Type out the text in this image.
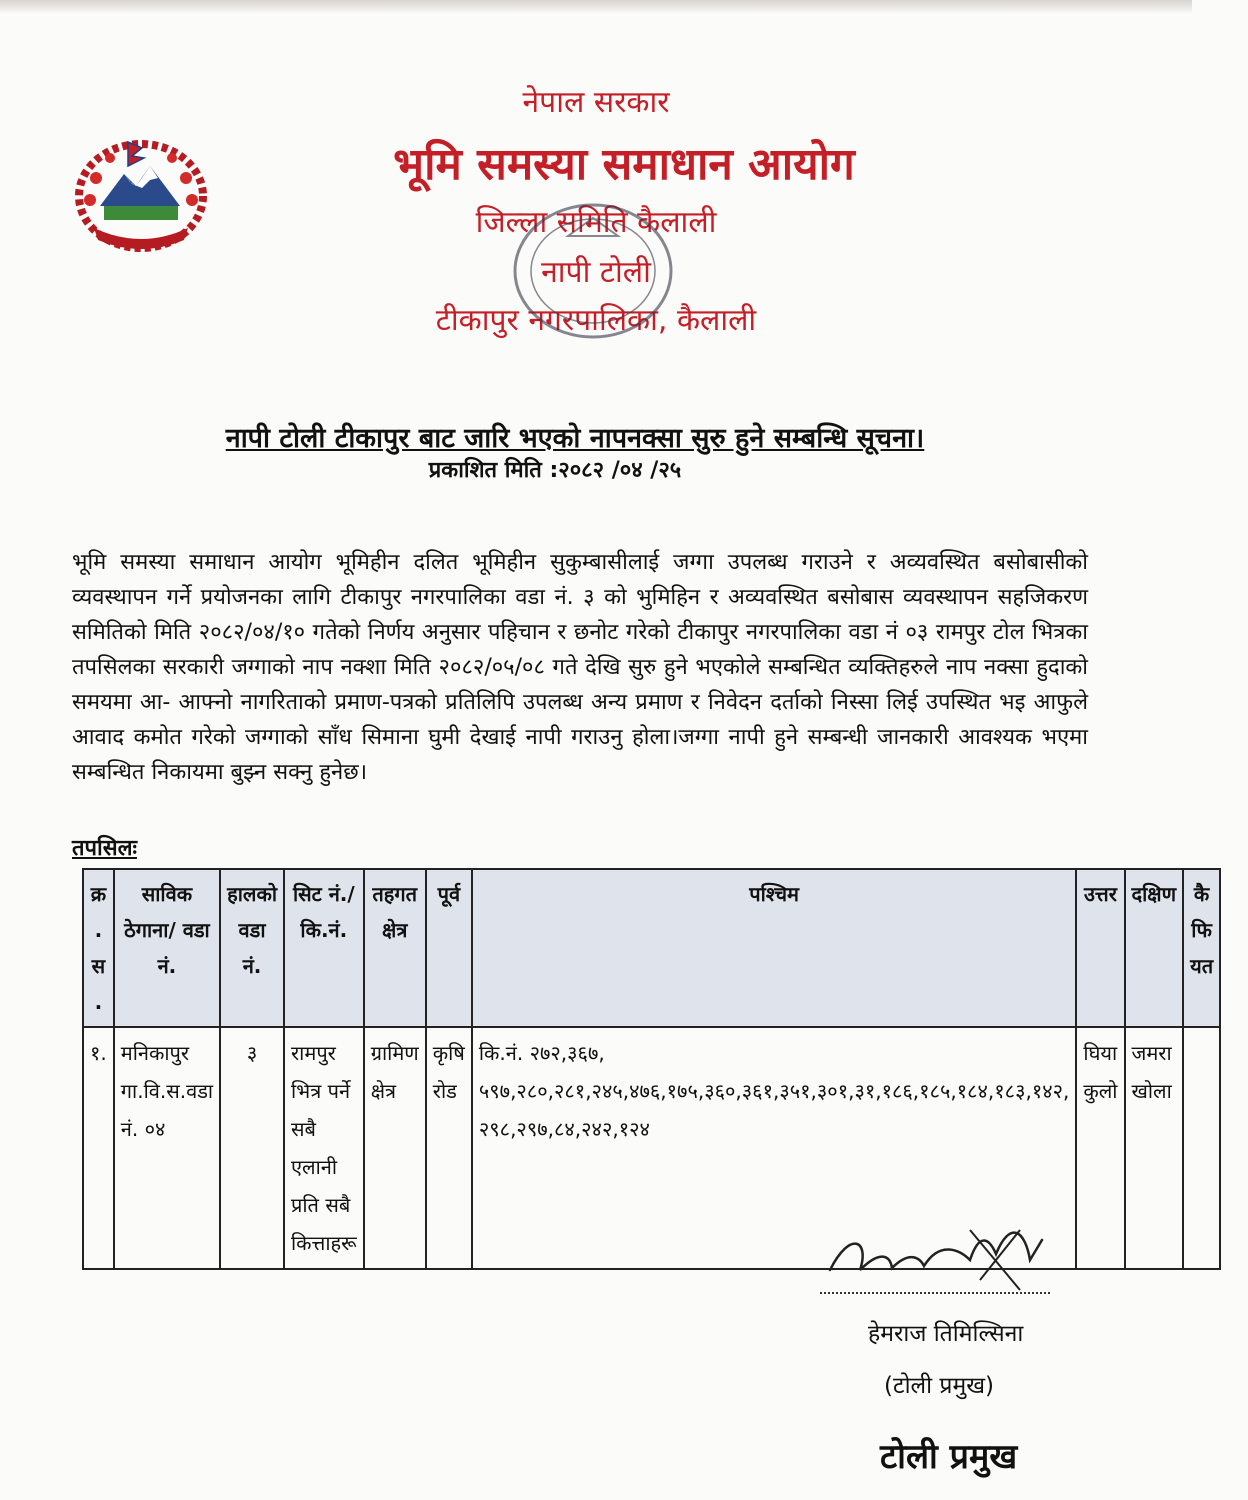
नेपाल सरकार
भूमि समस्या समाधान आयोग
जिल्ला समिति कैलाली
नापी टोली
टीकापुर नगरपालिका, कैलाली
नापी टोली टीकापुर बाट जारि भएको नापनक्सा सुरु हुने सम्बन्धि सूचना।
प्रकाशित मिति :२०८२ /०४ /२५

भूमि समस्या समाधान आयोग भूमिहीन दलित भूमिहीन सुकुम्बासीलाई जग्गा उपलब्ध गराउने र अव्यवस्थित बसोबासीको व्यवस्थापन गर्ने प्रयोजनका लागि टीकापुर नगरपालिका वडा नं. ३ को भुमिहिन र अव्यवस्थित बसोबास व्यवस्थापन सहजिकरण समितिको मिति २०८२/०४/१० गतेको निर्णय अनुसार पहिचान र छनोट गरेको टीकापुर नगरपालिका वडा नं ०३ रामपुर टोल भित्रका तपसिलका सरकारी जग्गाको नाप नक्शा मिति २०८२/०५/०८ गते देखि सुरु हुने भएकोले सम्बन्धित व्यक्तिहरुले नाप नक्सा हुदाको समयमा आ- आफ्नो नागरिताको प्रमाण-पत्रको प्रतिलिपि उपलब्ध अन्य प्रमाण र निवेदन दर्ताको निस्सा लिई उपस्थित भइ आफुले आवाद कमोत गरेको जग्गाको साँध सिमाना घुमी देखाई नापी गराउनु होला।जग्गा नापी हुने सम्बन्धी जानकारी आवश्यक भएमा सम्बन्धित निकायमा बुझ्न सक्नु हुनेछ।

तपसिलः
क्र . स .	साविक ठेगाना/ वडा नं.	हालको वडा नं.	सिट नं./कि.नं.	तहगत क्षेत्र	पूर्व	पश्चिम	उत्तर	दक्षिण	कै फि यत
१.	मनिकापुर गा.वि.स.वडा नं. ०४	३	रामपुर भित्र पर्ने सबै एलानी प्रति सबै कित्ताहरू	ग्रामिण क्षेत्र	कृषि रोड	कि.नं. २७२,३६७, ५९७,२८०,२८१,२४५,४७६,१७५,३६०,३६१,३५१,३०१,३१,१८६,१८५,१८४,१८३,१४२, २९८,२९७,८४,२४२,१२४	घिया कुलो	जमरा खोला	
हेमराज तिमिल्सिना
(टोली प्रमुख)
टोली प्रमुख
